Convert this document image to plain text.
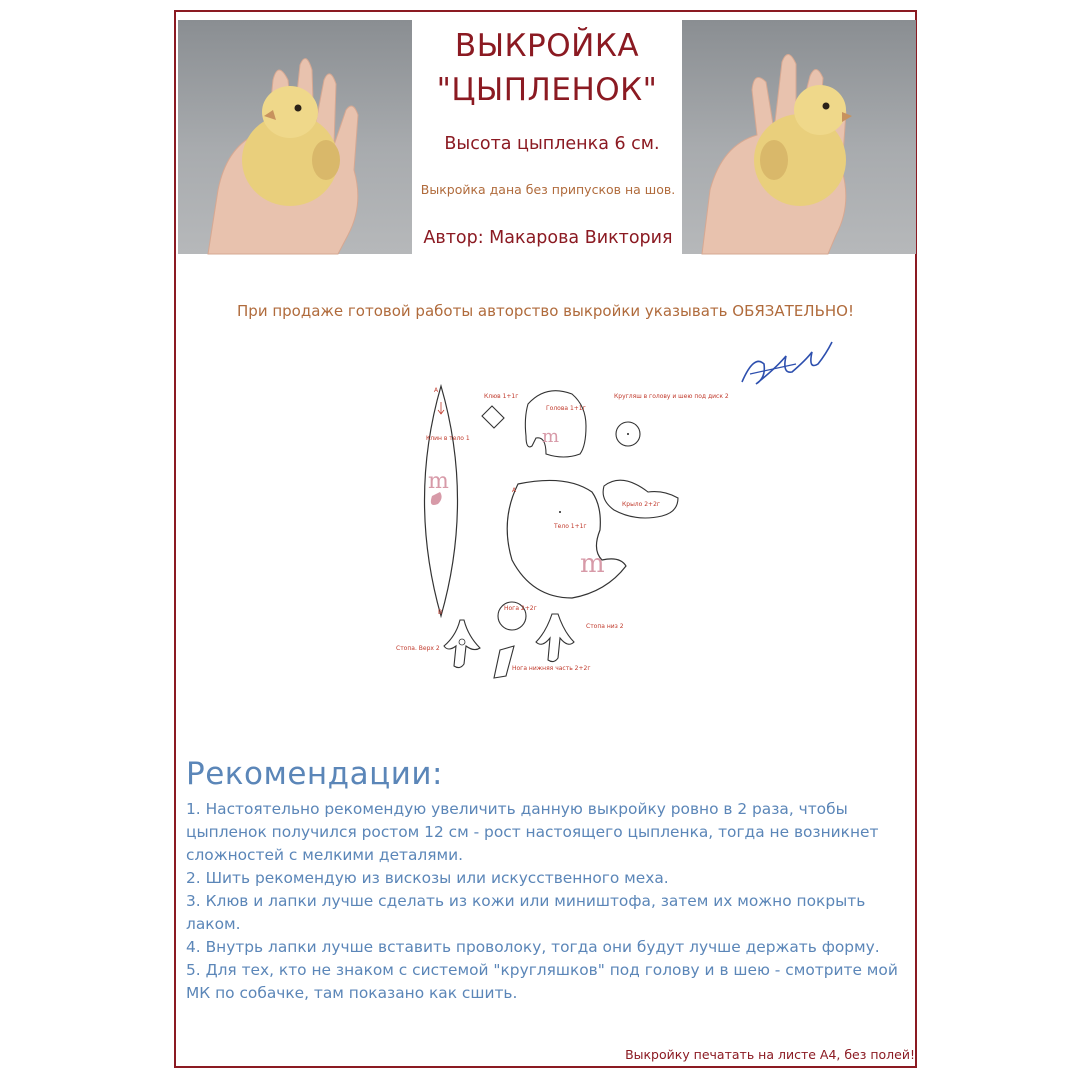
ВЫКРОЙКА
"ЦЫПЛЕНОК"
Высота цыпленка 6 см.
Выкройка дана без припусков на шов.
Автор: Макарова Виктория
При продаже готовой работы авторство выкройки указывать ОБЯЗАТЕЛЬНО!
A
B
Клин в тело 1
m
Клюв 1+1г
Голова 1+1г
m
Кругляш в голову и шею под диск 2
A
Тело 1+1г
m
Крыло 2+2г
Нога 2+2г
Стопа низ 2
Стопа. Верх 2
Нога нижняя часть 2+2г
Рекомендации:
1. Настоятельно рекомендую увеличить данную выкройку ровно в 2 раза, чтобы цыпленок получился ростом 12 см - рост настоящего цыпленка, тогда не возникнет сложностей с мелкими деталями.
2. Шить рекомендую из вискозы или искусственного меха.
3. Клюв и лапки лучше сделать из кожи или миништофа, затем их можно покрыть лаком.
4. Внутрь лапки лучше вставить проволоку, тогда они будут лучше держать форму.
5. Для тех, кто не знаком с системой "кругляшков" под голову и в шею - смотрите мой МК по собачке, там показано как сшить.
Выкройку печатать на листе А4, без полей!
